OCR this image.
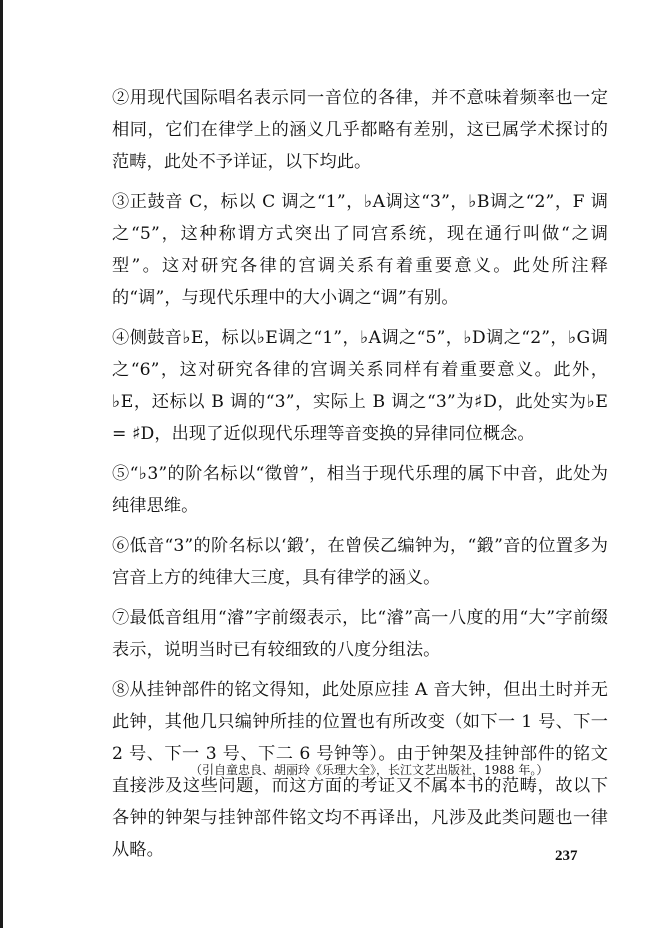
②用现代国际唱名表示同一音位的各律，并不意味着频率也一定相同，它们在律学上的涵义几乎都略有差别，这已属学术探讨的范畴，此处不予详证，以下均此。

③正鼓音 C，标以 C 调之“1”，♭A调这“3”，♭B调之“2”，F 调之“5”，这种称谓方式突出了同宫系统，现在通行叫做“之调型”。这对研究各律的宫调关系有着重要意义。此处所注释的“调”，与现代乐理中的大小调之“调”有别。

④侧鼓音♭E，标以♭E调之“1”，♭A调之“5”，♭D调之“2”，♭G调之“6”，这对研究各律的宫调关系同样有着重要意义。此外，♭E，还标以 B 调的“3”，实际上 B 调之“3”为♯D，此处实为♭E = ♯D，出现了近似现代乐理等音变换的异律同位概念。

⑤“♭3”的阶名标以“徵曾”，相当于现代乐理的属下中音，此处为纯律思维。

⑥低音“3”的阶名标以‘鍛’，在曾侯乙编钟为，“鍛”音的位置多为宫音上方的纯律大三度，具有律学的涵义。

⑦最低音组用“濬”字前缀表示，比“濬”高一八度的用“大”字前缀表示，说明当时已有较细致的八度分组法。

⑧从挂钟部件的铭文得知，此处原应挂 A 音大钟，但出土时并无此钟，其他几只编钟所挂的位置也有所改变（如下一 1 号、下一 2 号、下一 3 号、下二 6 号钟等）。由于钟架及挂钟部件的铭文直接涉及这些问题，而这方面的考证又不属本书的范畴，故以下各钟的钟架与挂钟部件铭文均不再译出，凡涉及此类问题也一律从略。

（引自童忠良、胡丽玲《乐理大全》，长江文艺出版社，1988 年。）
237
